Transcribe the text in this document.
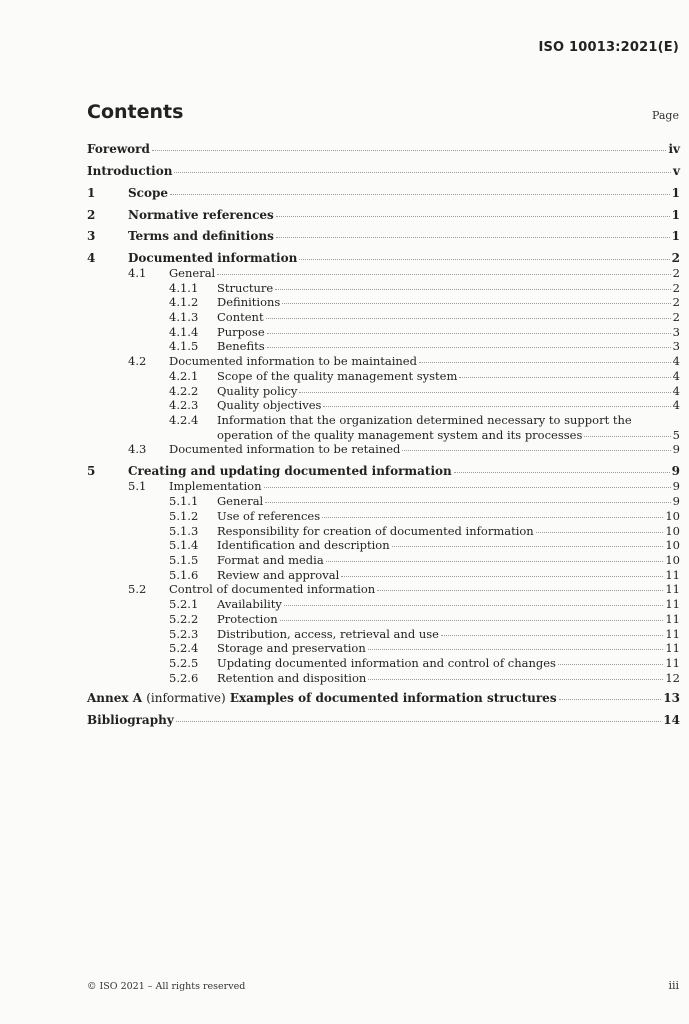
ISO 10013:2021(E)
Contents	Page
Foreword	iv
Introduction	v
1	Scope	1
2	Normative references	1
3	Terms and definitions	1
4	Documented information	2
4.1 General	2
4.1.1 Structure	2
4.1.2 Definitions	2
4.1.3 Content	2
4.1.4 Purpose	3
4.1.5 Benefits	3
4.2 Documented information to be maintained	4
4.2.1 Scope of the quality management system	4
4.2.2 Quality policy	4
4.2.3 Quality objectives	4
4.2.4 Information that the organization determined necessary to support the
operation of the quality management system and its processes	5
4.3 Documented information to be retained	9
5	Creating and updating documented information	9
5.1 Implementation	9
5.1.1 General	9
5.1.2 Use of references	10
5.1.3 Responsibility for creation of documented information	10
5.1.4 Identification and description	10
5.1.5 Format and media	10
5.1.6 Review and approval	11
5.2 Control of documented information	11
5.2.1 Availability	11
5.2.2 Protection	11
5.2.3 Distribution, access, retrieval and use	11
5.2.4 Storage and preservation	11
5.2.5 Updating documented information and control of changes	11
5.2.6 Retention and disposition	12
Annex A (informative) Examples of documented information structures	13
Bibliography	14
© ISO 2021 – All rights reserved	iii
